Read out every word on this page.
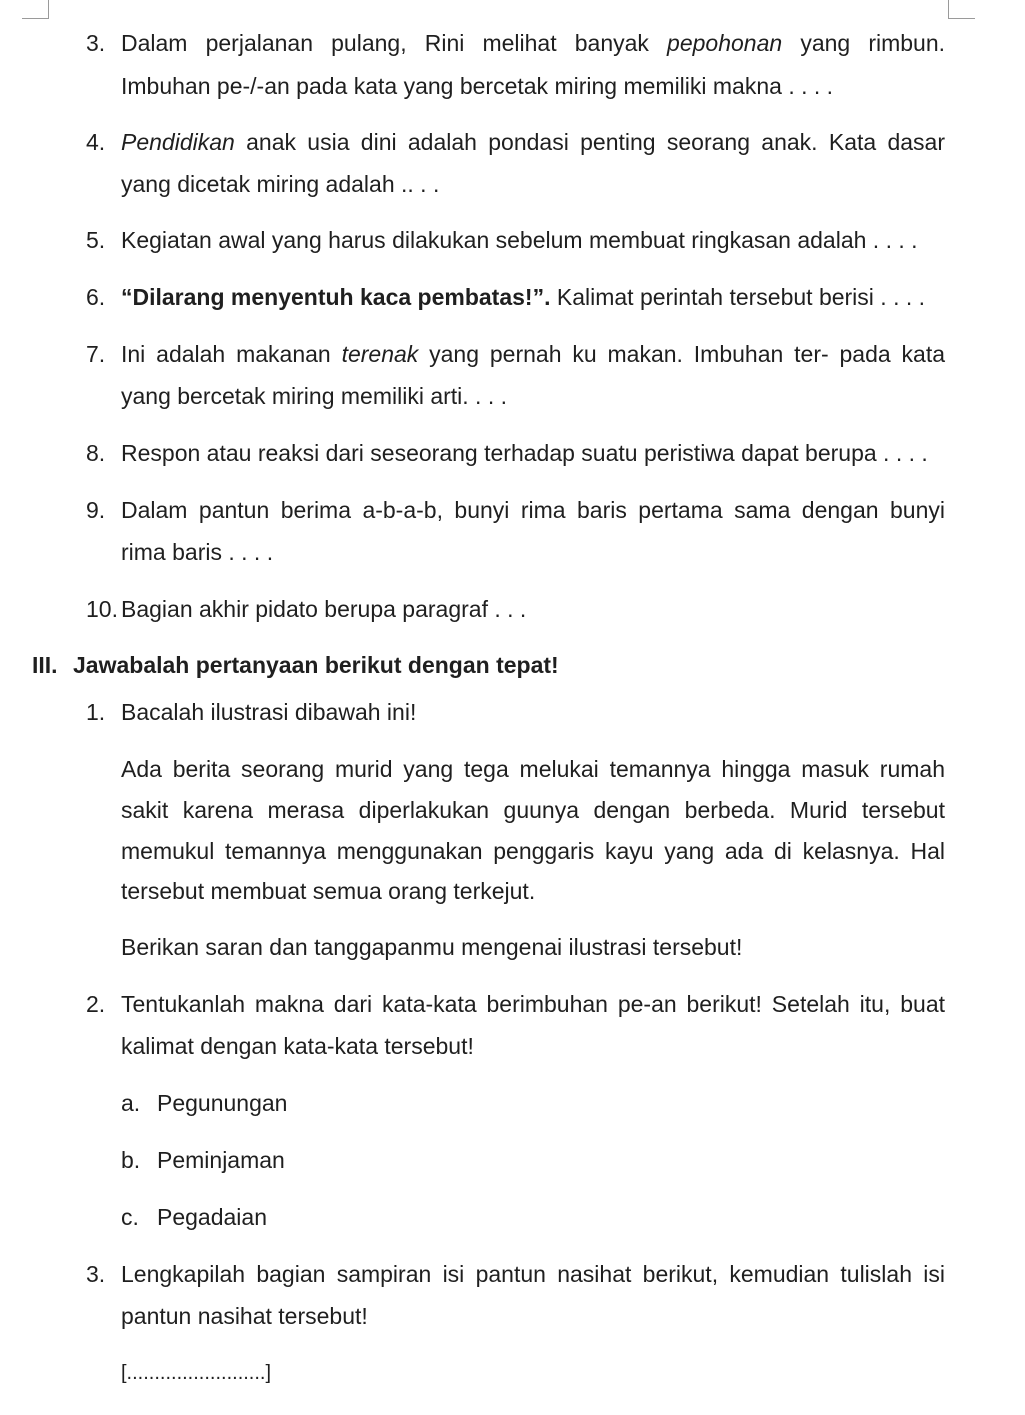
3. Dalam perjalanan pulang, Rini melihat banyak pepohonan yang rimbun.
Imbuhan pe-/-an pada kata yang bercetak miring memiliki makna . . . .
4. Pendidikan anak usia dini adalah pondasi penting seorang anak. Kata dasar
yang dicetak miring adalah .. . .
5. Kegiatan awal yang harus dilakukan sebelum membuat ringkasan adalah . . . .
6. “Dilarang menyentuh kaca pembatas!”. Kalimat perintah tersebut berisi . . . .
7. Ini adalah makanan terenak yang pernah ku makan. Imbuhan ter- pada kata
yang bercetak miring memiliki arti. . . .
8. Respon atau reaksi dari seseorang terhadap suatu peristiwa dapat berupa . . . .
9. Dalam pantun berima a-b-a-b, bunyi rima baris pertama sama dengan bunyi
rima baris . . . .
10. Bagian akhir pidato berupa paragraf . . .
III. Jawabalah pertanyaan berikut dengan tepat!
1. Bacalah ilustrasi dibawah ini!
Ada berita seorang murid yang tega melukai temannya hingga masuk rumah
sakit karena merasa diperlakukan guunya dengan berbeda. Murid tersebut
memukul temannya menggunakan penggaris kayu yang ada di kelasnya. Hal
tersebut membuat semua orang terkejut.
Berikan saran dan tanggapanmu mengenai ilustrasi tersebut!
2. Tentukanlah makna dari kata-kata berimbuhan pe-an berikut! Setelah itu, buat
kalimat dengan kata-kata tersebut!
a. Pegunungan
b. Peminjaman
c. Pegadaian
3. Lengkapilah bagian sampiran isi pantun nasihat berikut, kemudian tulislah isi
pantun nasihat tersebut!
[.........................]
